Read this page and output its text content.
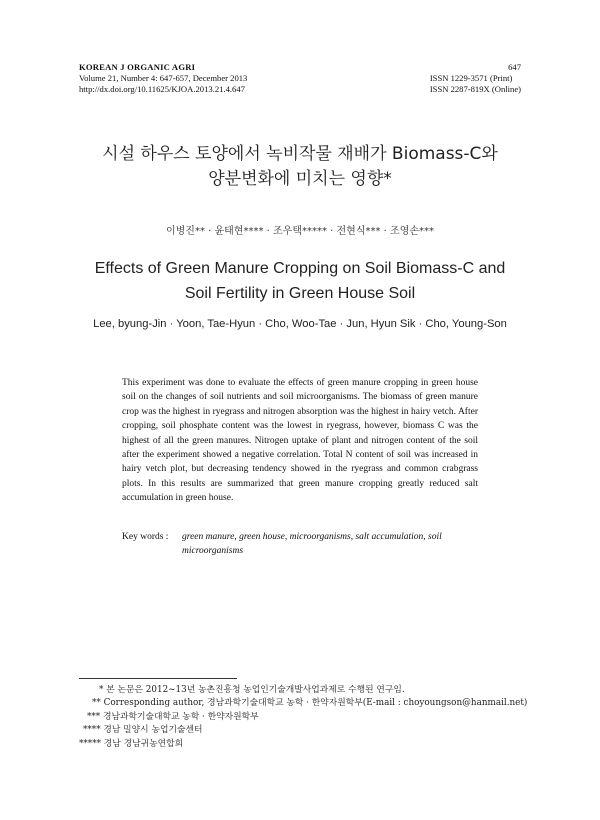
KOREAN J ORGANIC AGRI
Volume 21, Number 4: 647-657, December 2013
http://dx.doi.org/10.11625/KJOA.2013.21.4.647
647
ISSN 1229-3571 (Print)
ISSN 2287-819X (Online)
시설 하우스 토양에서 녹비작물 재배가 Biomass-C와
양분변화에 미치는 영향*
이병진** · 윤태현**** · 조우택***** · 전현식*** · 조영손***
Effects of Green Manure Cropping on Soil Biomass-C and
Soil Fertility in Green House Soil
Lee, byung-Jin · Yoon, Tae-Hyun · Cho, Woo-Tae · Jun, Hyun Sik · Cho, Young-Son
This experiment was done to evaluate the effects of green manure cropping in green house soil on the changes of soil nutrients and soil microorganisms. The biomass of green manure crop was the highest in ryegrass and nitrogen absorption was the highest in hairy vetch. After cropping, soil phosphate content was the lowest in ryegrass, however, biomass C was the highest of all the green manures. Nitrogen uptake of plant and nitrogen content of the soil after the experiment showed a negative correlation. Total N content of soil was increased in hairy vetch plot, but decreasing tendency showed in the ryegrass and common crabgrass plots. In this results are summarized that green manure cropping greatly reduced salt accumulation in green house.
Key words : green manure, green house, microorganisms, salt accumulation, soil microorganisms
* 본 논문은 2012~13년 농촌진흥청 농업인기술개발사업과제로 수행된 연구임.
** Corresponding author, 경남과학기술대학교 농학 · 한약자원학부(E-mail : choyoungson@hanmail.net)
*** 경남과학기술대학교 농학 · 한약자원학부
**** 경남 밀양시 농업기술센터
***** 경남 경남귀농연합회
